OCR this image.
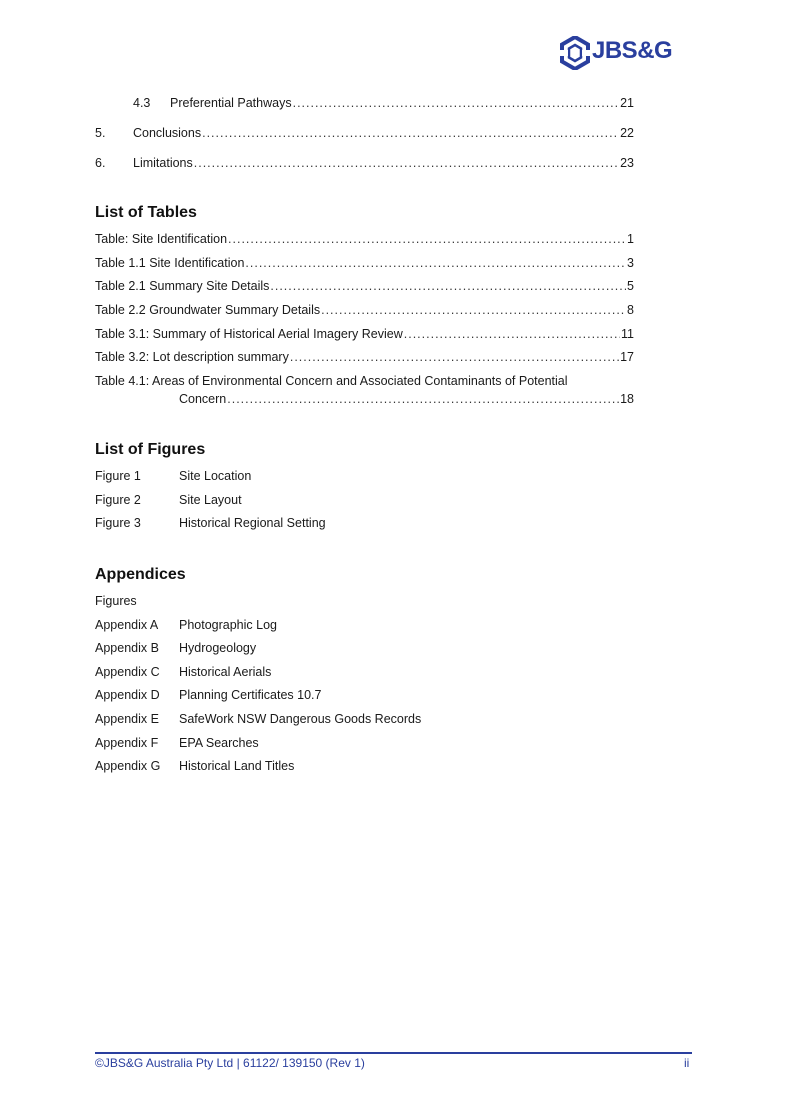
JBS&G
4.3	Preferential Pathways .....	21
5.	Conclusions .....	22
6.	Limitations .....	23
List of Tables
Table: Site Identification .....	1
Table 1.1 Site Identification .....	3
Table 2.1 Summary Site Details .....	5
Table 2.2 Groundwater Summary Details .....	8
Table 3.1: Summary of Historical Aerial Imagery Review .....	11
Table 3.2: Lot description summary .....	17
Table 4.1: Areas of Environmental Concern and Associated Contaminants of Potential
Concern .....	18
List of Figures
Figure 1	Site Location
Figure 2	Site Layout
Figure 3	Historical Regional Setting
Appendices
Figures
Appendix A Photographic Log
Appendix B Hydrogeology
Appendix C Historical Aerials
Appendix D Planning Certificates 10.7
Appendix E SafeWork NSW Dangerous Goods Records
Appendix F EPA Searches
Appendix G Historical Land Titles
©JBS&G Australia Pty Ltd | 61122/ 139150 (Rev 1)	ii
